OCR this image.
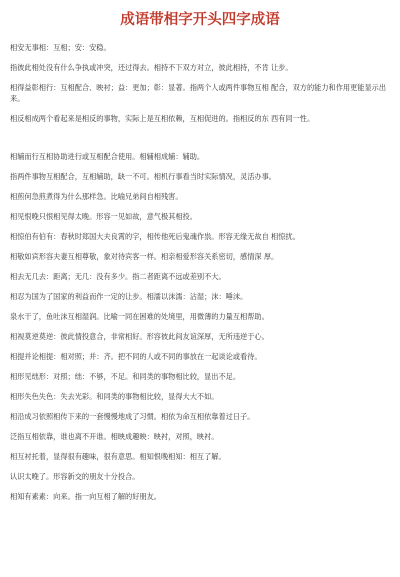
成语带相字开头四字成语

相安无事相：互相；安：安稳。

指彼此相处没有什么争执或冲突，还过得去。相持不下双方对立，彼此相持，不肯 让步。

相得益彰相行：互相配合、映衬；益：更加；彰：显著。指两个人或两件事物互相 配合，双方的能力和作用更能显示出来。

相反相成两个看起来是相反的事物，实际上是互相依赖，互相促进的。指相反的东 西有同一性。

相辅而行互相协助进行或互相配合使用。相辅相成辅：辅助。

指两件事物互相配合，互相辅助，缺一不可。相机行事看当时实际情况，灵活办事。

相煎何急煎煮得为什么那样急。比喻兄弟间自相残害。

相见恨晚只恨相见得太晚。形容一见如故，意气极其相投。

相惊伯有伯有：春秋时郑国大夫良霄的字，相传他死后鬼魂作祟。形容无缘无故自 相惊扰。

相敬如宾形容夫妻互相尊敬，象对待宾客一样。相亲相爱形容关系密切，感情深 厚。

相去无几去：距离；无几：没有多少。指二者距离不远或差别不大。

相忍为国为了国家的利益而作一定的让步。相濡以沫濡：沾湿；沫：唾沫。

泉水干了，鱼吐沫互相湿润。比喻一同在困难的处境里，用微薄的力量互相帮助。

相视莫逆莫逆：彼此情投意合，非常相好。形容彼此间友谊深厚，无所违逆于心。

相提并论相提：相对照；并：齐。把不同的人或不同的事放在一起谈论或看待。

相形见绌形：对照；绌：不够，不足。和同类的事物相比较，显出不足。

相形失色失色：失去光彩。和同类的事物相比较，显得大大不如。

相沿成习依照相传下来的一套慢慢地成了习惯。相依为命互相依靠着过日子。

泛指互相依靠，谁也离不开谁。相映成趣映：映衬，对照，映衬。

相互衬托着，显得很有趣味，很有意思。相知恨晚相知：相互了解。

认识太晚了。形容新交的朋友十分投合。

相知有素素：向来。指一向互相了解的好朋友。
